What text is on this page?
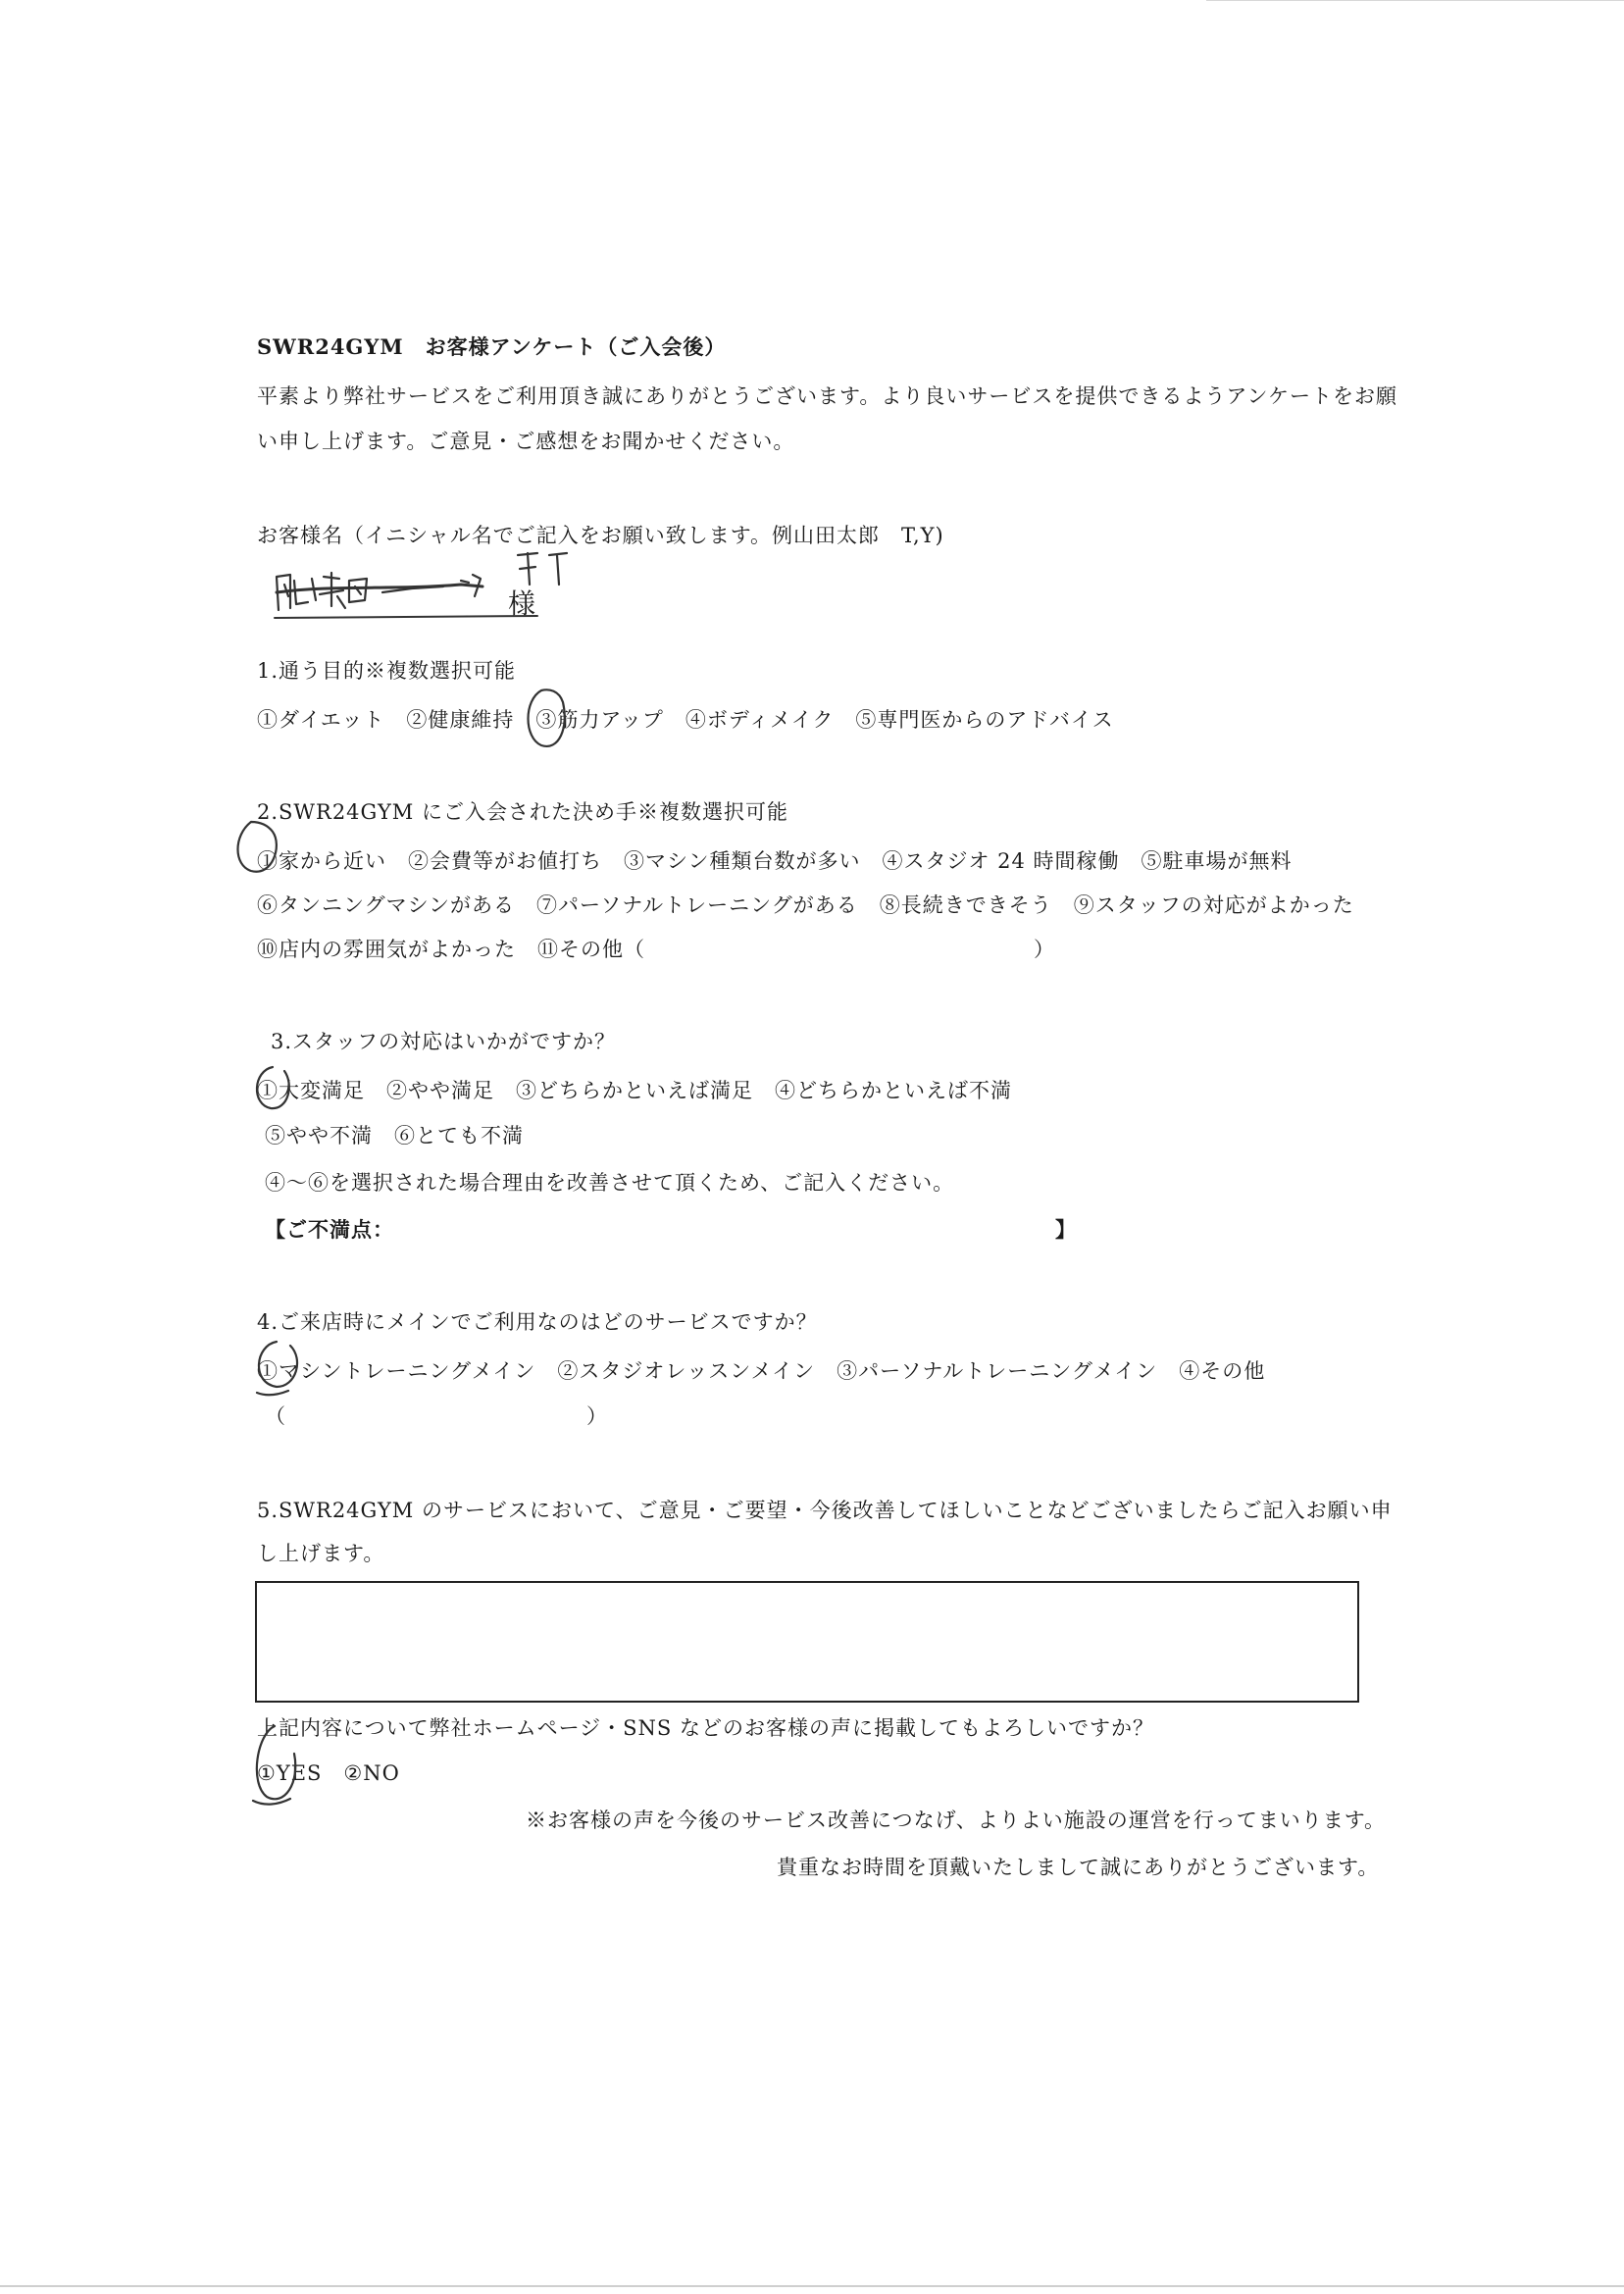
SWR24GYM　お客様アンケート（ご入会後）
平素より弊社サービスをご利用頂き誠にありがとうございます。より良いサービスを提供できるようアンケートをお願
い申し上げます。ご意見・ご感想をお聞かせください。
お客様名（イニシャル名でご記入をお願い致します。例山田太郎　T,Y)
様
1.通う目的※複数選択可能
①ダイエット　②健康維持　③筋力アップ　④ボディメイク　⑤専門医からのアドバイス
2.SWR24GYM にご入会された決め手※複数選択可能
①家から近い　②会費等がお値打ち　③マシン種類台数が多い　④スタジオ 24 時間稼働　⑤駐車場が無料
⑥タンニングマシンがある　⑦パーソナルトレーニングがある　⑧長続きできそう　⑨スタッフの対応がよかった
⑩店内の雰囲気がよかった　⑪その他（　　　　　　　　　　　　　　　　　　）
3.スタッフの対応はいかがですか？
①大変満足　②やや満足　③どちらかといえば満足　④どちらかといえば不満
⑤やや不満　⑥とても不満
④〜⑥を選択された場合理由を改善させて頂くため、ご記入ください。
【ご不満点：	】
4.ご来店時にメインでご利用なのはどのサービスですか？
①マシントレーニングメイン　②スタジオレッスンメイン　③パーソナルトレーニングメイン　④その他
（	）
5.SWR24GYM のサービスにおいて、ご意見・ご要望・今後改善してほしいことなどございましたらご記入お願い申
し上げます。
上記内容について弊社ホームページ・SNS などのお客様の声に掲載してもよろしいですか？
①YES　②NO
※お客様の声を今後のサービス改善につなげ、よりよい施設の運営を行ってまいります。
貴重なお時間を頂戴いたしまして誠にありがとうございます。
